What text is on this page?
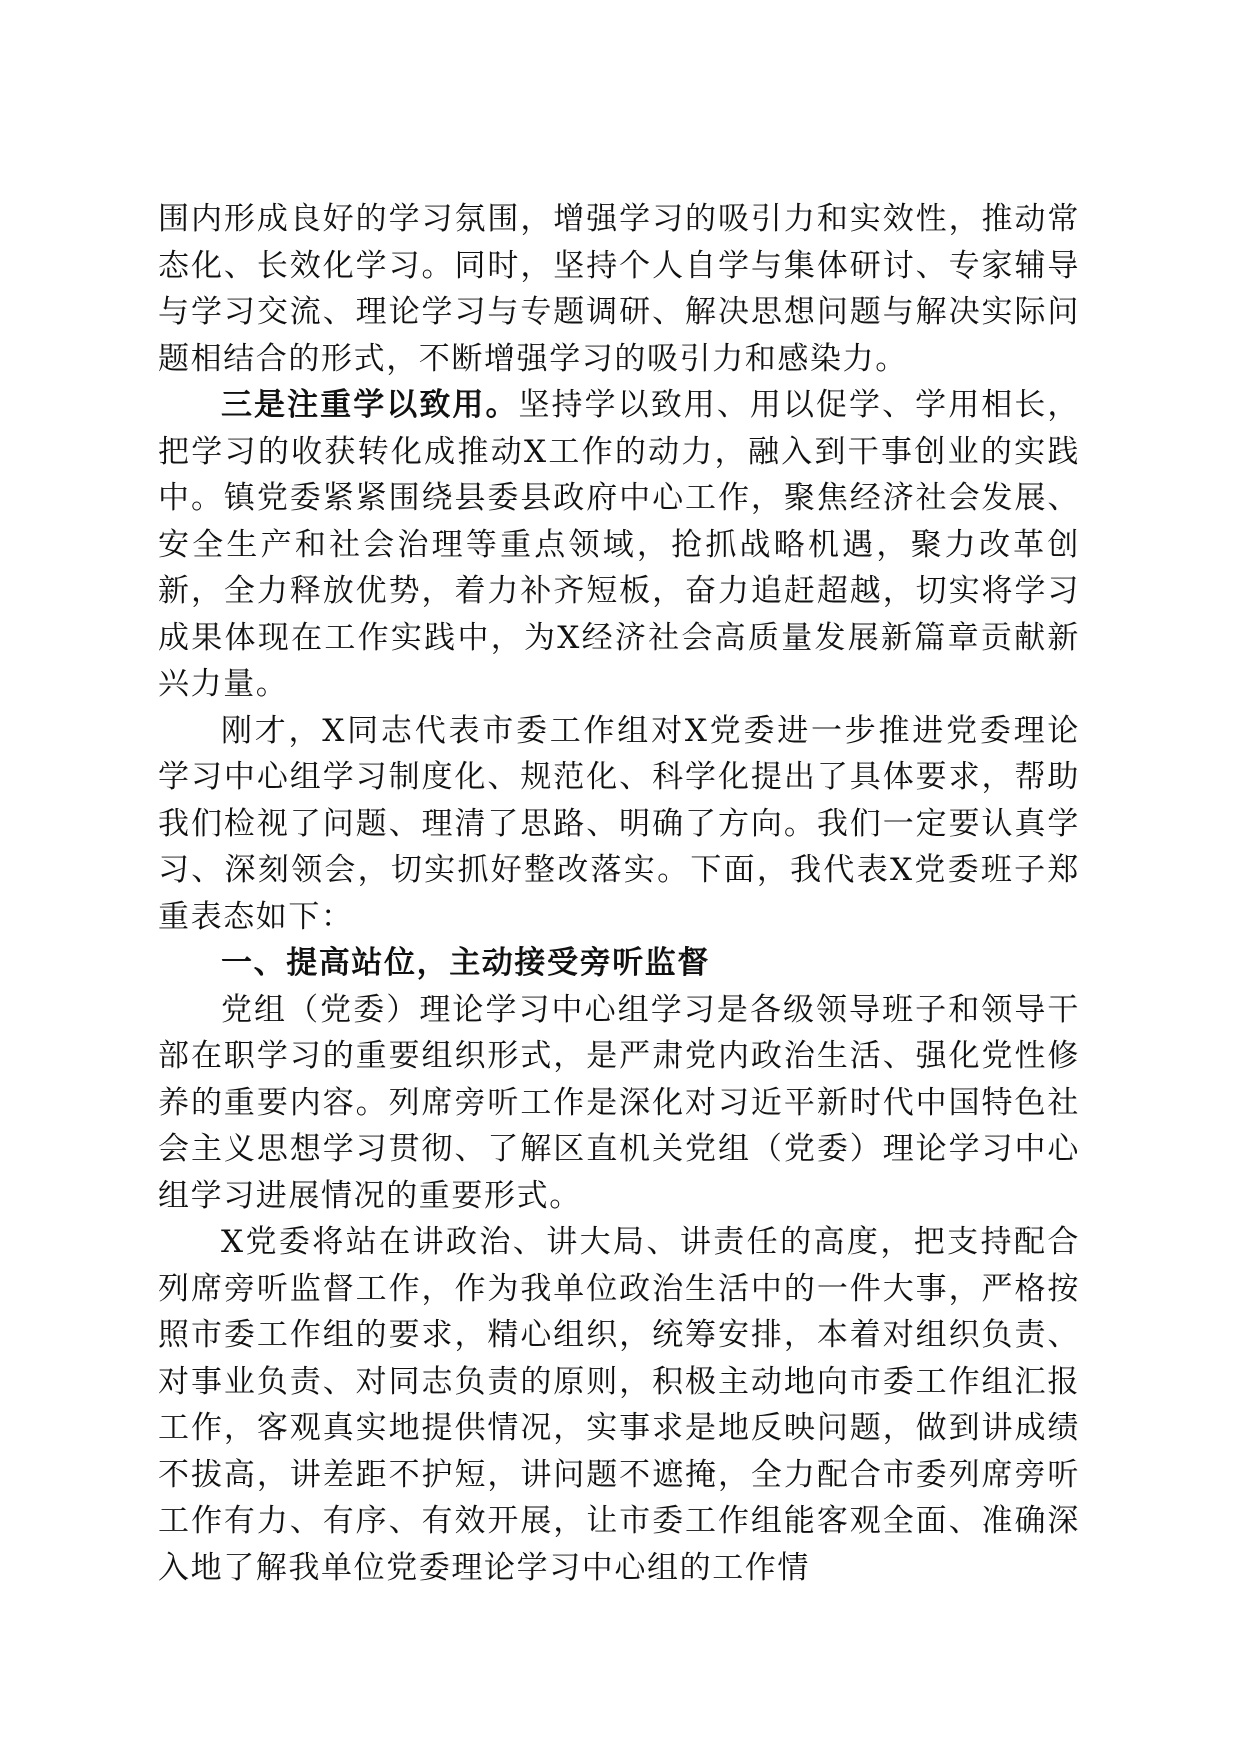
围内形成良好的学习氛围，增强学习的吸引力和实效性，推动常态化、长效化学习。同时，坚持个人自学与集体研讨、专家辅导与学习交流、理论学习与专题调研、解决思想问题与解决实际问题相结合的形式，不断增强学习的吸引力和感染力。

三是注重学以致用。坚持学以致用、用以促学、学用相长，把学习的收获转化成推动X工作的动力，融入到干事创业的实践中。镇党委紧紧围绕县委县政府中心工作，聚焦经济社会发展、安全生产和社会治理等重点领域，抢抓战略机遇，聚力改革创新，全力释放优势，着力补齐短板，奋力追赶超越，切实将学习成果体现在工作实践中，为X经济社会高质量发展新篇章贡献新兴力量。

刚才，X同志代表市委工作组对X党委进一步推进党委理论学习中心组学习制度化、规范化、科学化提出了具体要求，帮助我们检视了问题、理清了思路、明确了方向。我们一定要认真学习、深刻领会，切实抓好整改落实。下面，我代表X党委班子郑重表态如下：

一、提高站位，主动接受旁听监督

党组（党委）理论学习中心组学习是各级领导班子和领导干部在职学习的重要组织形式，是严肃党内政治生活、强化党性修养的重要内容。列席旁听工作是深化对习近平新时代中国特色社会主义思想学习贯彻、了解区直机关党组（党委）理论学习中心组学习进展情况的重要形式。

X党委将站在讲政治、讲大局、讲责任的高度，把支持配合列席旁听监督工作，作为我单位政治生活中的一件大事，严格按照市委工作组的要求，精心组织，统筹安排，本着对组织负责、对事业负责、对同志负责的原则，积极主动地向市委工作组汇报工作，客观真实地提供情况，实事求是地反映问题，做到讲成绩不拔高，讲差距不护短，讲问题不遮掩，全力配合市委列席旁听工作有力、有序、有效开展，让市委工作组能客观全面、准确深入地了解我单位党委理论学习中心组的工作情
